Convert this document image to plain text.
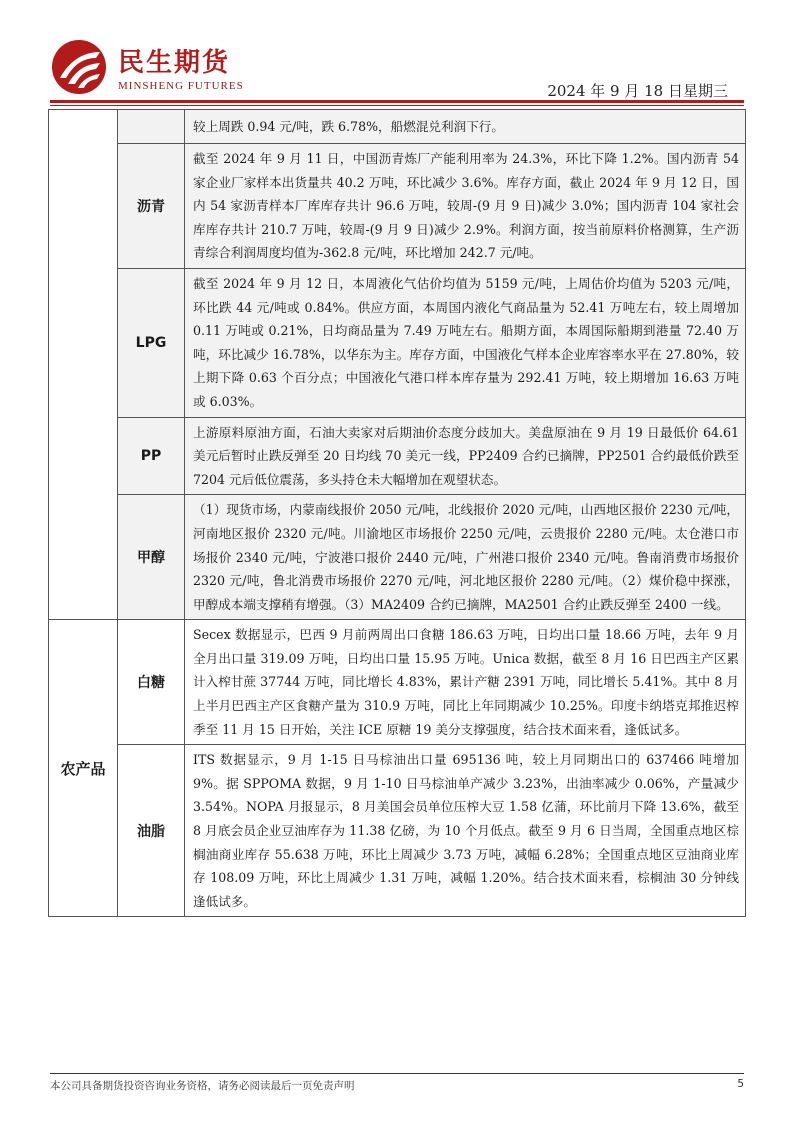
民生期货
MINSHENG FUTURES	2024 年 9 月 18 日星期三
		较上周跌 0.94 元/吨，跌 6.78%，船燃混兑利润下行。
	沥青	截至 2024 年 9 月 11 日，中国沥青炼厂产能利用率为 24.3%，环比下降 1.2%。国内沥青 54 家企业厂家样本出货量共 40.2 万吨，环比减少 3.6%。库存方面，截止 2024 年 9 月 12 日，国内 54 家沥青样本厂库库存共计 96.6 万吨，较周-(9 月 9 日)减少 3.0%；国内沥青 104 家社会库库存共计 210.7 万吨，较周-(9 月 9 日)减少 2.9%。利润方面，按当前原料价格测算，生产沥青综合利润周度均值为-362.8 元/吨，环比增加 242.7 元/吨。
	LPG	截至 2024 年 9 月 12 日，本周液化气估价均值为 5159 元/吨，上周估价均值为 5203 元/吨，环比跌 44 元/吨或 0.84%。供应方面，本周国内液化气商品量为 52.41 万吨左右，较上周增加 0.11 万吨或 0.21%，日均商品量为 7.49 万吨左右。船期方面，本周国际船期到港量 72.40 万吨，环比减少 16.78%，以华东为主。库存方面，中国液化气样本企业库容率水平在 27.80%，较上期下降 0.63 个百分点；中国液化气港口样本库存量为 292.41 万吨，较上期增加 16.63 万吨或 6.03%。
	PP	上游原料原油方面，石油大卖家对后期油价态度分歧加大。美盘原油在 9 月 19 日最低价 64.61 美元后暂时止跌反弹至 20 日均线 70 美元一线，PP2409 合约已摘牌，PP2501 合约最低价跌至 7204 元后低位震荡，多头持仓未大幅增加在观望状态。
	甲醇	（1）现货市场，内蒙南线报价 2050 元/吨，北线报价 2020 元/吨，山西地区报价 2230 元/吨，河南地区报价 2320 元/吨。川渝地区市场报价 2250 元/吨，云贵报价 2280 元/吨。太仓港口市场报价 2340 元/吨，宁波港口报价 2440 元/吨，广州港口报价 2340 元/吨。鲁南消费市场报价 2320 元/吨，鲁北消费市场报价 2270 元/吨，河北地区报价 2280 元/吨。（2）煤价稳中探涨，甲醇成本端支撑稍有增强。（3）MA2409 合约已摘牌，MA2501 合约止跌反弹至 2400 一线。
农产品	白糖	Secex 数据显示，巴西 9 月前两周出口食糖 186.63 万吨，日均出口量 18.66 万吨，去年 9 月全月出口量 319.09 万吨，日均出口量 15.95 万吨。Unica 数据，截至 8 月 16 日巴西主产区累计入榨甘蔗 37744 万吨，同比增长 4.83%，累计产糖 2391 万吨，同比增长 5.41%。其中 8 月上半月巴西主产区食糖产量为 310.9 万吨，同比上年同期减少 10.25%。印度卡纳塔克邦推迟榨季至 11 月 15 日开始，关注 ICE 原糖 19 美分支撑强度，结合技术面来看，逢低试多。
	油脂	ITS 数据显示，9 月 1-15 日马棕油出口量 695136 吨，较上月同期出口的 637466 吨增加 9%。据 SPPOMA 数据，9 月 1-10 日马棕油单产减少 3.23%，出油率减少 0.06%，产量减少 3.54%。NOPA 月报显示，8 月美国会员单位压榨大豆 1.58 亿蒲，环比前月下降 13.6%，截至 8 月底会员企业豆油库存为 11.38 亿磅，为 10 个月低点。截至 9 月 6 日当周，全国重点地区棕榈油商业库存 55.638 万吨，环比上周减少 3.73 万吨，减幅 6.28%；全国重点地区豆油商业库存 108.09 万吨，环比上周减少 1.31 万吨，减幅 1.20%。结合技术面来看，棕榈油 30 分钟线逢低试多。
本公司具备期货投资咨询业务资格，请务必阅读最后一页免责声明	5
